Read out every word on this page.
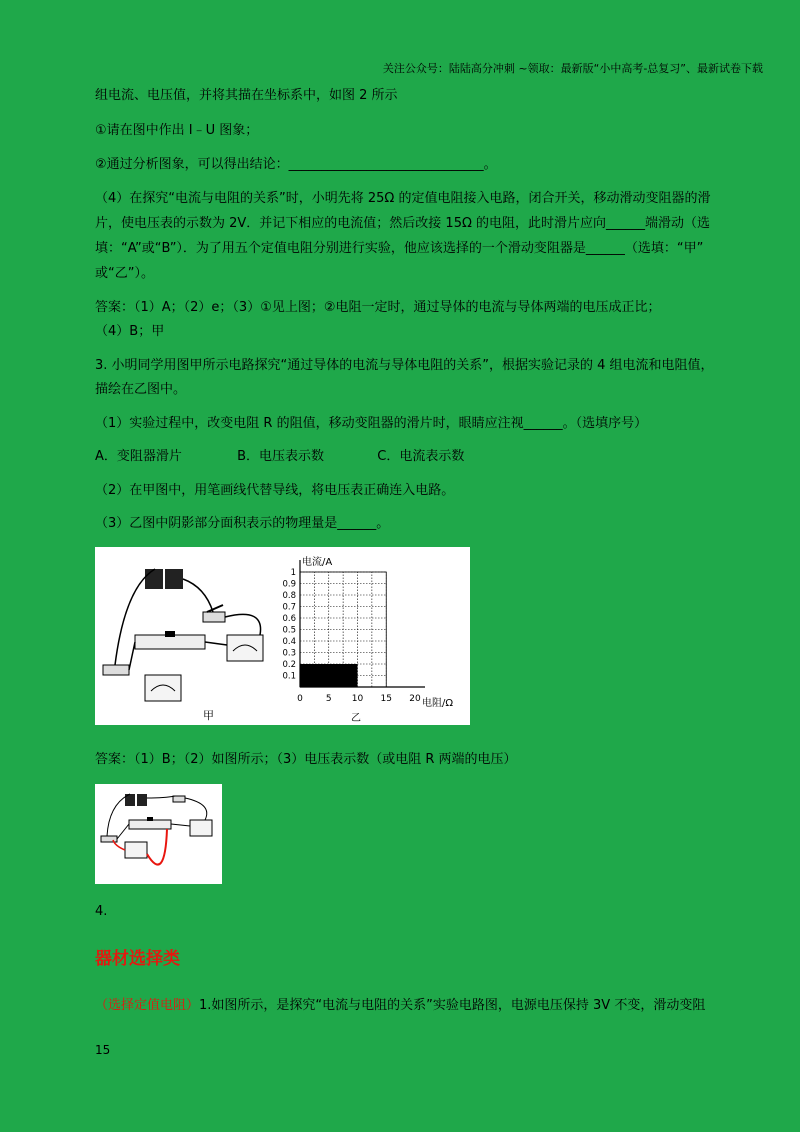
关注公众号：陆陆高分冲刺 ~领取：最新版“小中高考-总复习”、最新试卷下载
组电流、电压值，并将其描在坐标系中，如图 2 所示
①请在图中作出 I﹣U 图象；
②通过分析图象，可以得出结论：______________________________。
（4）在探究“电流与电阻的关系”时，小明先将 25Ω 的定值电阻接入电路，闭合开关，移动滑动变阻器的滑
片，使电压表的示数为 2V．并记下相应的电流值；然后改接 15Ω 的电阻，此时滑片应向______端滑动（选
填：“A”或“B”）．为了用五个定值电阻分别进行实验，他应该选择的一个滑动变阻器是______（选填：“甲”
或“乙”）。
答案：（1）A；（2）e；（3）①见上图；②电阻一定时，通过导体的电流与导体两端的电压成正比；
（4）B；甲
3. 小明同学用图甲所示电路探究“通过导体的电流与导体电阻的关系”，根据实验记录的 4 组电流和电阻值，
描绘在乙图中。
（1）实验过程中，改变电阻 R 的阻值，移动变阻器的滑片时，眼睛应注视______。（选填序号）
A．变阻器滑片	B．电压表示数	C．电流表示数
（2）在甲图中，用笔画线代替导线，将电压表正确连入电路。
（3）乙图中阴影部分面积表示的物理量是______。
甲
0.1
0.2
0.3
0.4
0.5
0.6
0.7
0.8
0.9
1
0	5 10 15 20
电流/A
电阻/Ω
乙
答案：（1）B；（2）如图所示；（3）电压表示数（或电阻 R 两端的电压）
4.
器材选择类
（选择定值电阻）1.如图所示，是探究“电流与电阻的关系”实验电路图，电源电压保持 3V 不变，滑动变阻
15
